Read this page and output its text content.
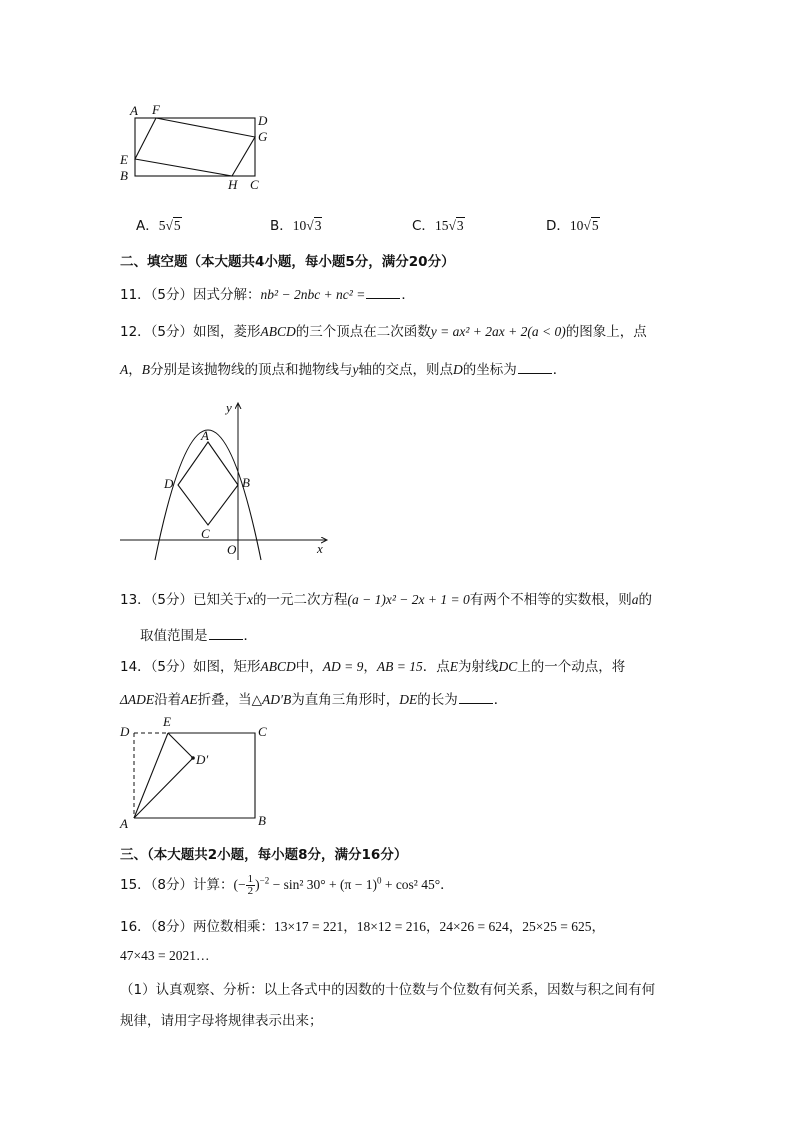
A F
D
G
E
B
H C
A．5√5	B．10√3	C．15√3	D．10√5
二、填空题（本大题共4小题，每小题5分，满分20分）
11．（5分）因式分解：nb² − 2nbc + nc² =	．
12．（5分）如图，菱形ABCD的三个顶点在二次函数y = ax² + 2ax + 2(a < 0)的图象上，点
A，B分别是该抛物线的顶点和抛物线与y轴的交点，则点D的坐标为	．
y
A
D	B
C
O	x
13．（5分）已知关于x的一元二次方程(a − 1)x² − 2x + 1 = 0有两个不相等的实数根，则a的
取值范围是	．
14．（5分）如图，矩形ABCD中，AD = 9，AB = 15．点E为射线DC上的一个动点，将
ΔADE沿着AE折叠，当△AD′B为直角三角形时，DE的长为	．
D
E
C
D′
A	B
三、（本大题共2小题，每小题8分，满分16分）
15．（8分）计算：(− $\frac{1}{2} )^{-2} - \sin^2$ $30^\circ + (\pi - 1)^0 + \cos^2$ 45°．
16．（8分）两位数相乘：13×17 = 221，18×12 = 216，24×26 = 624，25×25 = 625，
47×43 = 2021…
（1）认真观察、分析：以上各式中的因数的十位数与个位数有何关系，因数与积之间有何
规律，请用字母将规律表示出来；
